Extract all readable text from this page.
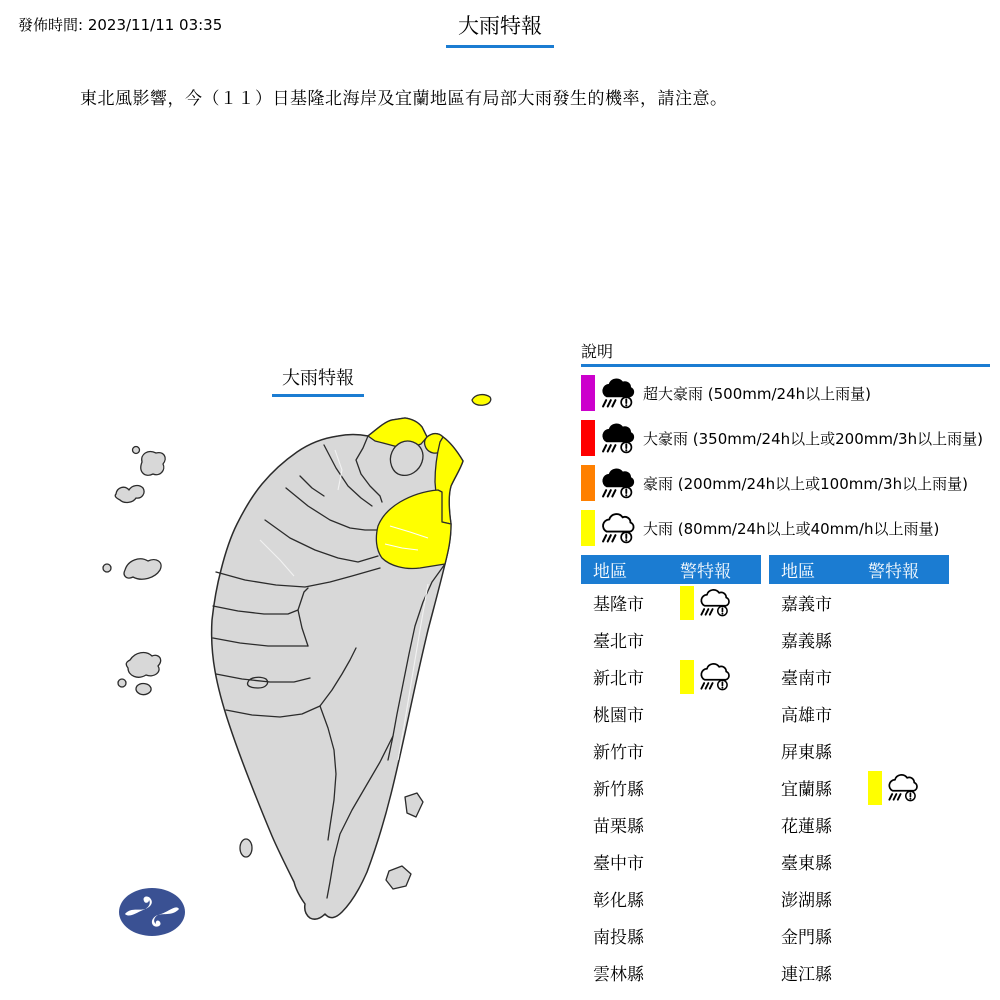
發佈時間: 2023/11/11 03:35	大雨特報
東北風影響，今（１１）日基隆北海岸及宜蘭地區有局部大雨發生的機率，請注意。
大雨特報
說明
超大豪雨 (500mm/24h以上雨量)
大豪雨 (350mm/24h以上或200mm/3h以上雨量)
豪雨 (200mm/24h以上或100mm/3h以上雨量)
大雨 (80mm/24h以上或40mm/h以上雨量)
地區	警特報
基隆市
臺北市
新北市
桃園市
新竹市
新竹縣
苗栗縣
臺中市
彰化縣
南投縣
雲林縣
地區	警特報
嘉義市
嘉義縣
臺南市
高雄市
屏東縣
宜蘭縣
花蓮縣
臺東縣
澎湖縣
金門縣
連江縣
